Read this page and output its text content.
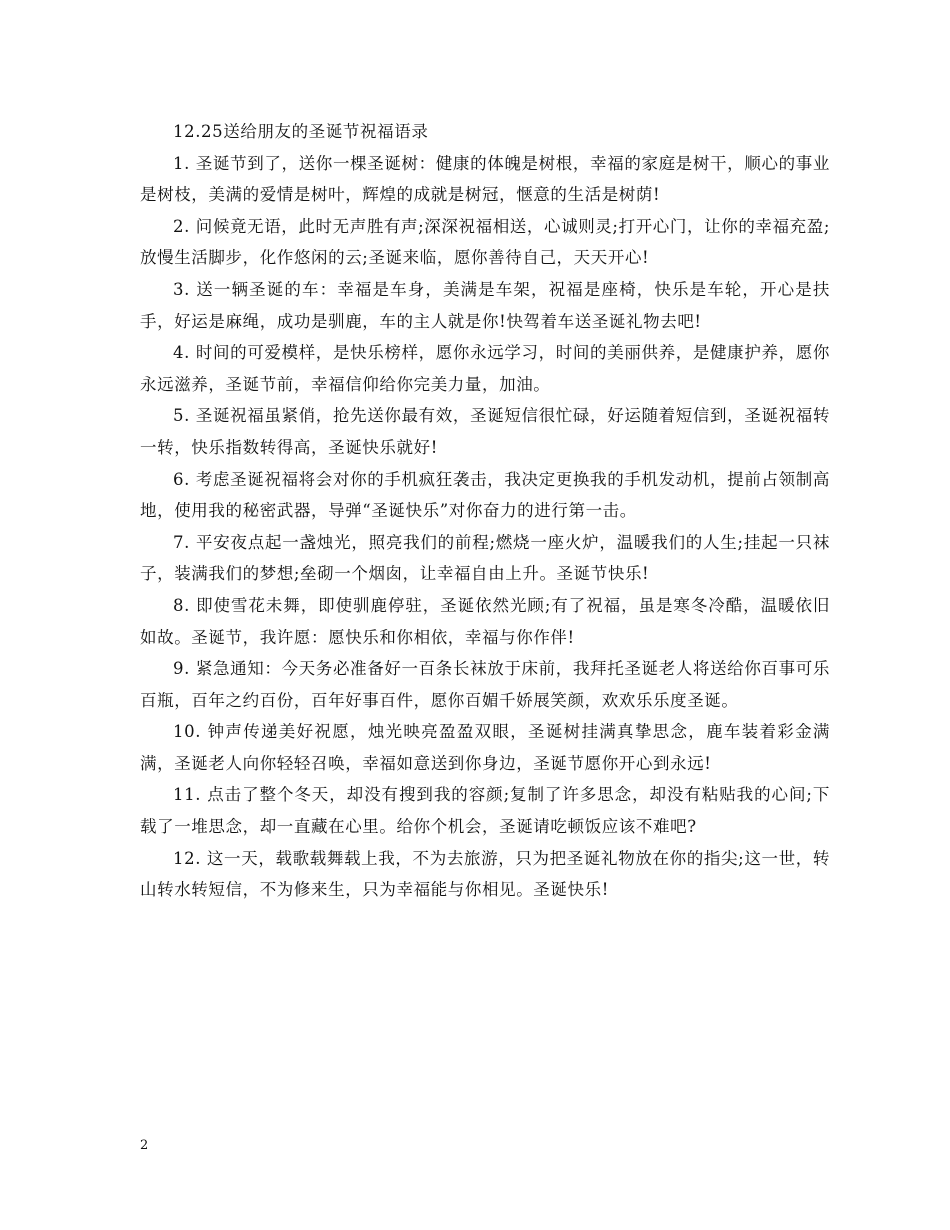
12.25送给朋友的圣诞节祝福语录

1. 圣诞节到了，送你一棵圣诞树：健康的体魄是树根，幸福的家庭是树干，顺心的事业是树枝，美满的爱情是树叶，辉煌的成就是树冠，惬意的生活是树荫!

2. 问候竟无语，此时无声胜有声;深深祝福相送，心诚则灵;打开心门，让你的幸福充盈;放慢生活脚步，化作悠闲的云;圣诞来临，愿你善待自己，天天开心!

3. 送一辆圣诞的车：幸福是车身，美满是车架，祝福是座椅，快乐是车轮，开心是扶手，好运是麻绳，成功是驯鹿，车的主人就是你!快驾着车送圣诞礼物去吧!

4. 时间的可爱模样，是快乐榜样，愿你永远学习，时间的美丽供养，是健康护养，愿你永远滋养，圣诞节前，幸福信仰给你完美力量，加油。

5. 圣诞祝福虽紧俏，抢先送你最有效，圣诞短信很忙碌，好运随着短信到，圣诞祝福转一转，快乐指数转得高，圣诞快乐就好!

6. 考虑圣诞祝福将会对你的手机疯狂袭击，我决定更换我的手机发动机，提前占领制高地，使用我的秘密武器，导弹“圣诞快乐”对你奋力的进行第一击。

7. 平安夜点起一盏烛光，照亮我们的前程;燃烧一座火炉，温暖我们的人生;挂起一只袜子，装满我们的梦想;垒砌一个烟囱，让幸福自由上升。圣诞节快乐!

8. 即使雪花未舞，即使驯鹿停驻，圣诞依然光顾;有了祝福，虽是寒冬冷酷，温暖依旧如故。圣诞节，我许愿：愿快乐和你相依，幸福与你作伴!

9. 紧急通知：今天务必准备好一百条长袜放于床前，我拜托圣诞老人将送给你百事可乐百瓶，百年之约百份，百年好事百件，愿你百媚千娇展笑颜，欢欢乐乐度圣诞。

10. 钟声传递美好祝愿，烛光映亮盈盈双眼，圣诞树挂满真挚思念，鹿车装着彩金满满，圣诞老人向你轻轻召唤，幸福如意送到你身边，圣诞节愿你开心到永远!

11. 点击了整个冬天，却没有搜到我的容颜;复制了许多思念，却没有粘贴我的心间;下载了一堆思念，却一直藏在心里。给你个机会，圣诞请吃顿饭应该不难吧?

12. 这一天，载歌载舞载上我，不为去旅游，只为把圣诞礼物放在你的指尖;这一世，转山转水转短信，不为修来生，只为幸福能与你相见。圣诞快乐!

2
